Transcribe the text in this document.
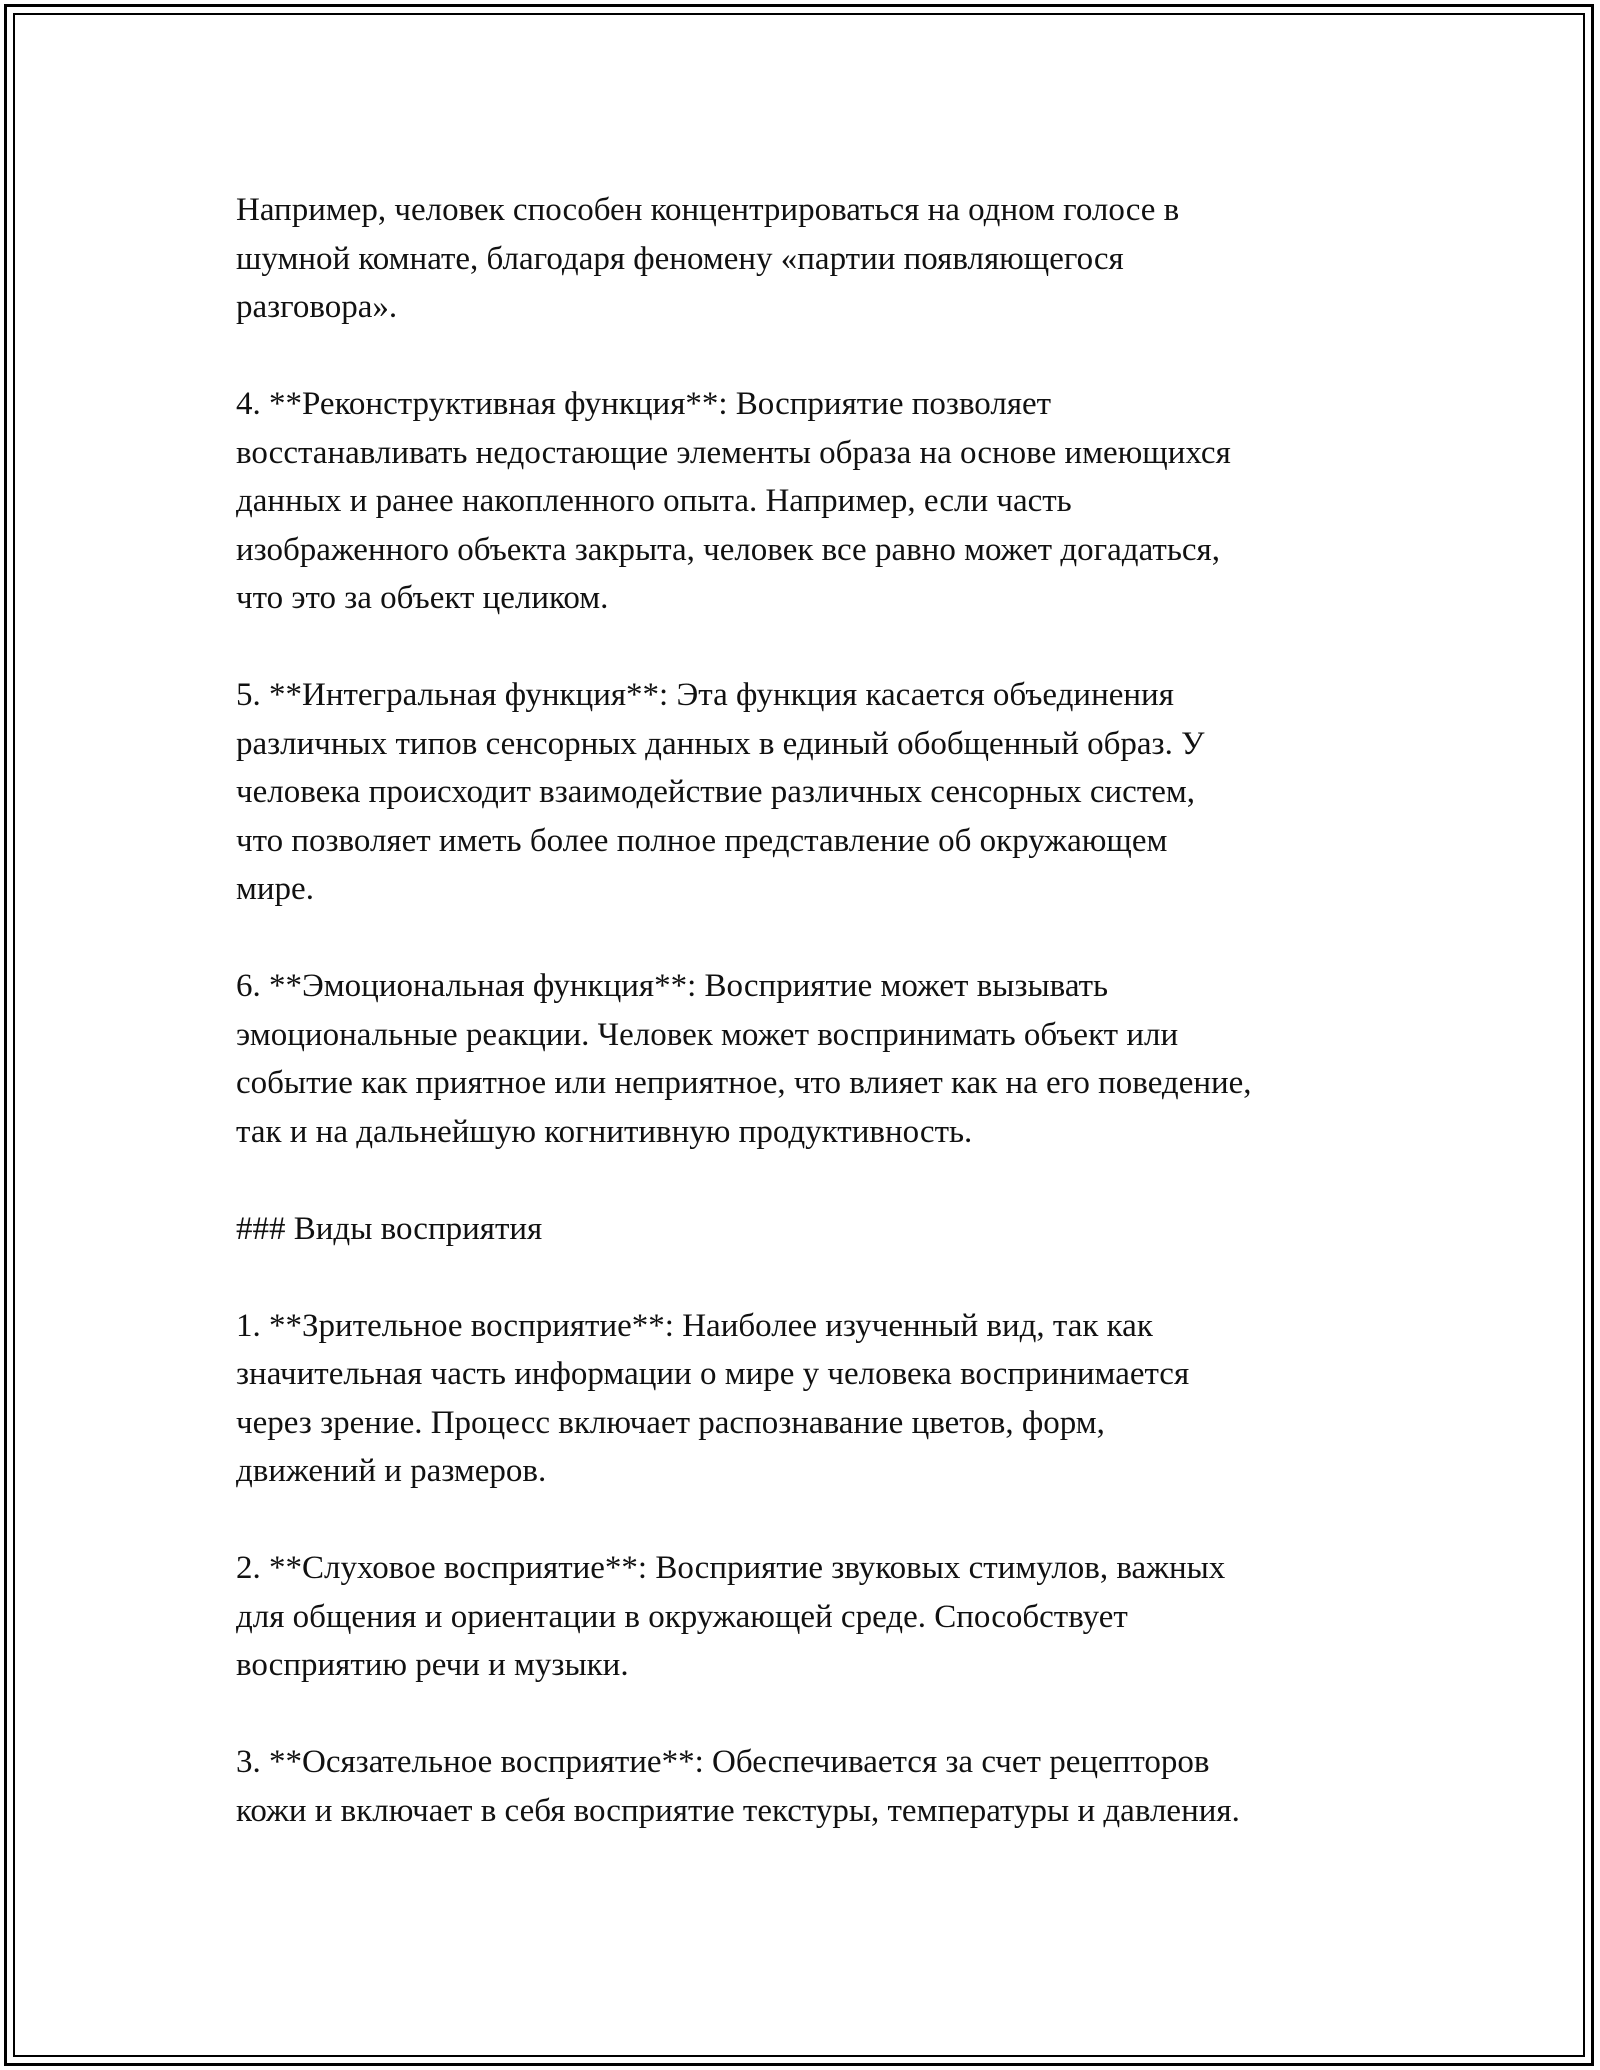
Например, человек способен концентрироваться на одном голосе в
шумной комнате, благодаря феномену «партии появляющегося
разговора».

4. **Реконструктивная функция**: Восприятие позволяет
восстанавливать недостающие элементы образа на основе имеющихся
данных и ранее накопленного опыта. Например, если часть
изображенного объекта закрыта, человек все равно может догадаться,
что это за объект целиком.

5. **Интегральная функция**: Эта функция касается объединения
различных типов сенсорных данных в единый обобщенный образ. У
человека происходит взаимодействие различных сенсорных систем,
что позволяет иметь более полное представление об окружающем
мире.

6. **Эмоциональная функция**: Восприятие может вызывать
эмоциональные реакции. Человек может воспринимать объект или
событие как приятное или неприятное, что влияет как на его поведение,
так и на дальнейшую когнитивную продуктивность.

### Виды восприятия

1. **Зрительное восприятие**: Наиболее изученный вид, так как
значительная часть информации о мире у человека воспринимается
через зрение. Процесс включает распознавание цветов, форм,
движений и размеров.

2. **Слуховое восприятие**: Восприятие звуковых стимулов, важных
для общения и ориентации в окружающей среде. Способствует
восприятию речи и музыки.

3. **Осязательное восприятие**: Обеспечивается за счет рецепторов
кожи и включает в себя восприятие текстуры, температуры и давления.
